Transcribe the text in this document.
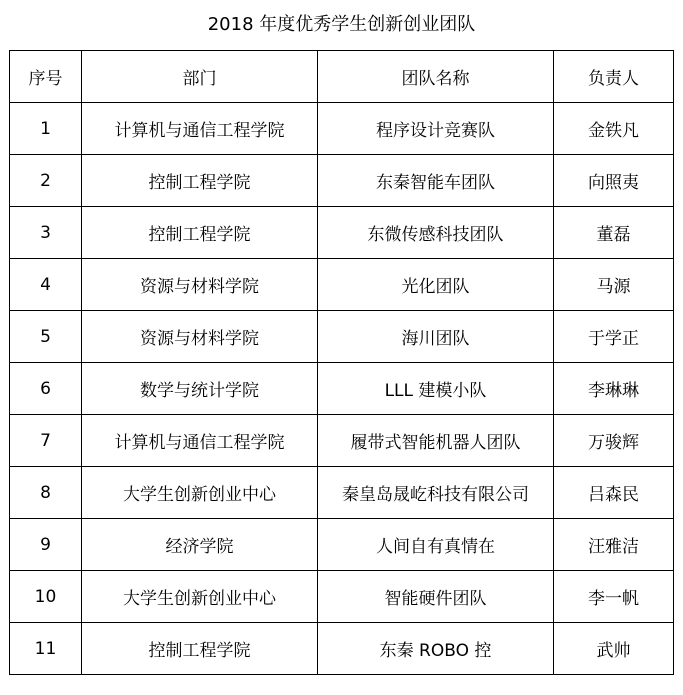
2018 年度优秀学生创新创业团队
序号	部门	团队名称	负责人
1	计算机与通信工程学院	程序设计竞赛队	金铁凡
2	控制工程学院	东秦智能车团队	向照夷
3	控制工程学院	东微传感科技团队	董磊
4	资源与材料学院	光化团队	马源
5	资源与材料学院	海川团队	于学正
6	数学与统计学院	LLL 建模小队	李琳琳
7	计算机与通信工程学院	履带式智能机器人团队	万骏辉
8	大学生创新创业中心	秦皇岛晟屹科技有限公司	吕森民
9	经济学院	人间自有真情在	汪雅洁
10	大学生创新创业中心	智能硬件团队	李一帆
11	控制工程学院	东秦 ROBO 控	武帅
